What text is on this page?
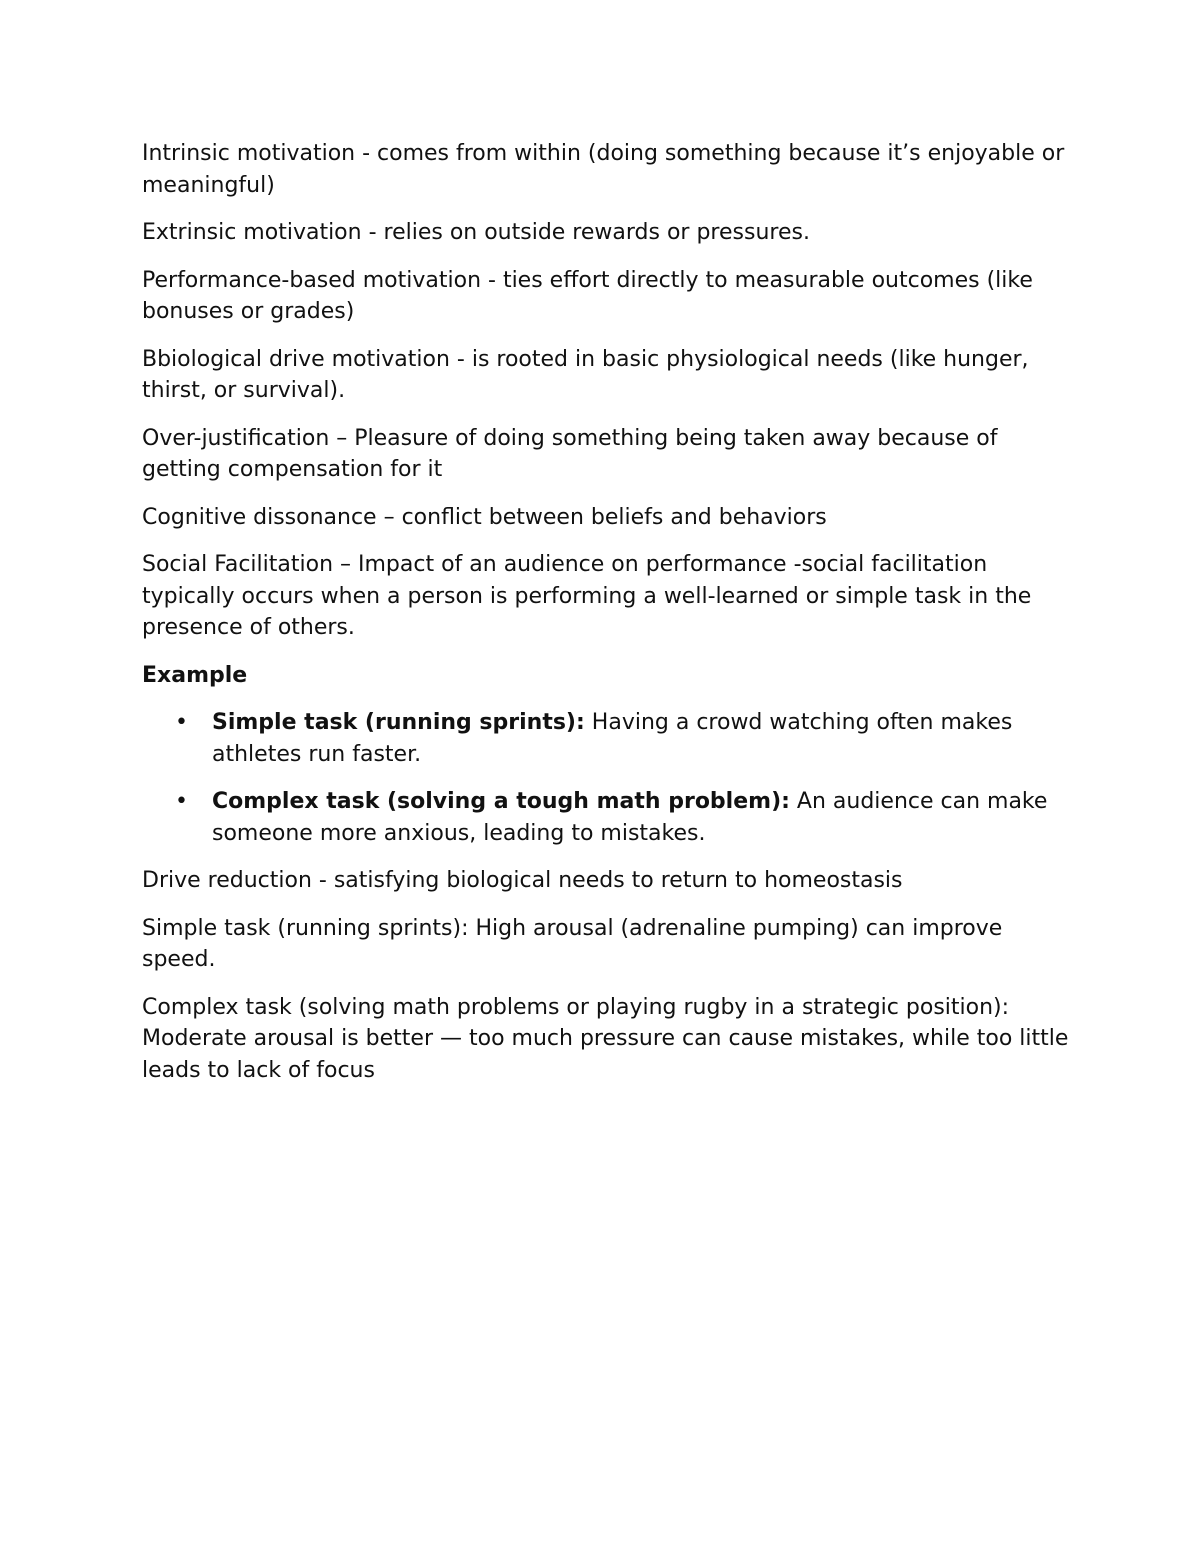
Intrinsic motivation - comes from within (doing something because it’s enjoyable or meaningful)

Extrinsic motivation - relies on outside rewards or pressures.

Performance-based motivation - ties effort directly to measurable outcomes (like bonuses or grades)

Bbiological drive motivation - is rooted in basic physiological needs (like hunger, thirst, or survival).

Over-justification – Pleasure of doing something being taken away because of getting compensation for it

Cognitive dissonance – conflict between beliefs and behaviors

Social Facilitation – Impact of an audience on performance -social facilitation typically occurs when a person is performing a well-learned or simple task in the presence of others.

Example

• Simple task (running sprints): Having a crowd watching often makes athletes run faster.
• Complex task (solving a tough math problem): An audience can make someone more anxious, leading to mistakes.

Drive reduction - satisfying biological needs to return to homeostasis

Simple task (running sprints): High arousal (adrenaline pumping) can improve speed.

Complex task (solving math problems or playing rugby in a strategic position): Moderate arousal is better — too much pressure can cause mistakes, while too little leads to lack of focus
